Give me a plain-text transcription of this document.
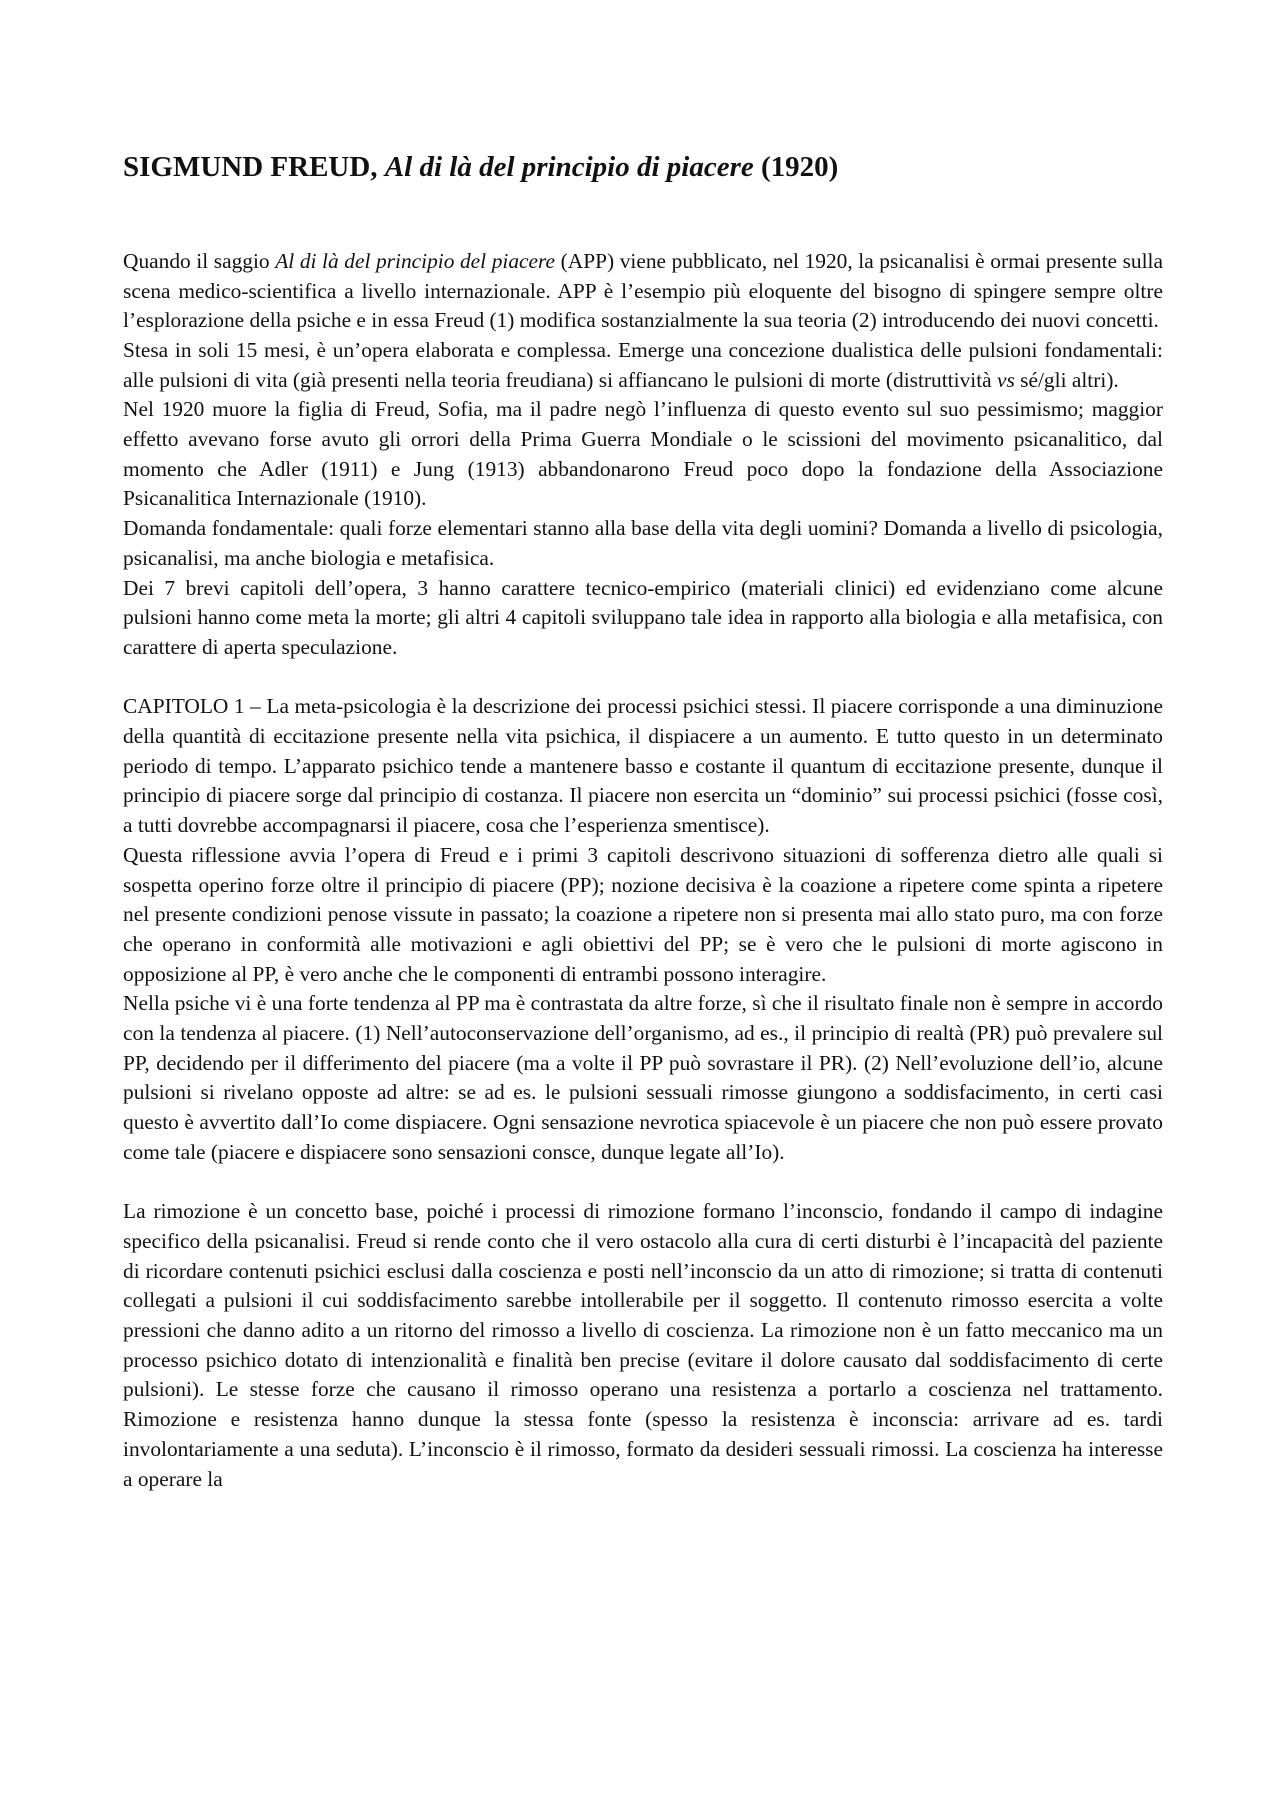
SIGMUND FREUD, Al di là del principio di piacere (1920)

Quando il saggio Al di là del principio del piacere (APP) viene pubblicato, nel 1920, la psicanalisi è ormai presente sulla scena medico-scientifica a livello internazionale. APP è l’esempio più eloquente del bisogno di spingere sempre oltre l’esplorazione della psiche e in essa Freud (1) modifica sostanzialmente la sua teoria (2) introducendo dei nuovi concetti.

Stesa in soli 15 mesi, è un’opera elaborata e complessa. Emerge una concezione dualistica delle pulsioni fondamentali: alle pulsioni di vita (già presenti nella teoria freudiana) si affiancano le pulsioni di morte (distruttività vs sé/gli altri).

Nel 1920 muore la figlia di Freud, Sofia, ma il padre negò l’influenza di questo evento sul suo pessimismo; maggior effetto avevano forse avuto gli orrori della Prima Guerra Mondiale o le scissioni del movimento psicanalitico, dal momento che Adler (1911) e Jung (1913) abbandonarono Freud poco dopo la fondazione della Associazione Psicanalitica Internazionale (1910).

Domanda fondamentale: quali forze elementari stanno alla base della vita degli uomini? Domanda a livello di psicologia, psicanalisi, ma anche biologia e metafisica.

Dei 7 brevi capitoli dell’opera, 3 hanno carattere tecnico-empirico (materiali clinici) ed evidenziano come alcune pulsioni hanno come meta la morte; gli altri 4 capitoli sviluppano tale idea in rapporto alla biologia e alla metafisica, con carattere di aperta speculazione.

CAPITOLO 1 – La meta-psicologia è la descrizione dei processi psichici stessi. Il piacere corrisponde a una diminuzione della quantità di eccitazione presente nella vita psichica, il dispiacere a un aumento. E tutto questo in un determinato periodo di tempo. L’apparato psichico tende a mantenere basso e costante il quantum di eccitazione presente, dunque il principio di piacere sorge dal principio di costanza. Il piacere non esercita un “dominio” sui processi psichici (fosse così, a tutti dovrebbe accompagnarsi il piacere, cosa che l’esperienza smentisce).

Questa riflessione avvia l’opera di Freud e i primi 3 capitoli descrivono situazioni di sofferenza dietro alle quali si sospetta operino forze oltre il principio di piacere (PP); nozione decisiva è la coazione a ripetere come spinta a ripetere nel presente condizioni penose vissute in passato; la coazione a ripetere non si presenta mai allo stato puro, ma con forze che operano in conformità alle motivazioni e agli obiettivi del PP; se è vero che le pulsioni di morte agiscono in opposizione al PP, è vero anche che le componenti di entrambi possono interagire.

Nella psiche vi è una forte tendenza al PP ma è contrastata da altre forze, sì che il risultato finale non è sempre in accordo con la tendenza al piacere. (1) Nell’autoconservazione dell’organismo, ad es., il principio di realtà (PR) può prevalere sul PP, decidendo per il differimento del piacere (ma a volte il PP può sovrastare il PR). (2) Nell’evoluzione dell’io, alcune pulsioni si rivelano opposte ad altre: se ad es. le pulsioni sessuali rimosse giungono a soddisfacimento, in certi casi questo è avvertito dall’Io come dispiacere. Ogni sensazione nevrotica spiacevole è un piacere che non può essere provato come tale (piacere e dispiacere sono sensazioni consce, dunque legate all’Io).

La rimozione è un concetto base, poiché i processi di rimozione formano l’inconscio, fondando il campo di indagine specifico della psicanalisi. Freud si rende conto che il vero ostacolo alla cura di certi disturbi è l’incapacità del paziente di ricordare contenuti psichici esclusi dalla coscienza e posti nell’inconscio da un atto di rimozione; si tratta di contenuti collegati a pulsioni il cui soddisfacimento sarebbe intollerabile per il soggetto. Il contenuto rimosso esercita a volte pressioni che danno adito a un ritorno del rimosso a livello di coscienza. La rimozione non è un fatto meccanico ma un processo psichico dotato di intenzionalità e finalità ben precise (evitare il dolore causato dal soddisfacimento di certe pulsioni). Le stesse forze che causano il rimosso operano una resistenza a portarlo a coscienza nel trattamento. Rimozione e resistenza hanno dunque la stessa fonte (spesso la resistenza è inconscia: arrivare ad es. tardi involontariamente a una seduta). L’inconscio è il rimosso, formato da desideri sessuali rimossi. La coscienza ha interesse a operare la
